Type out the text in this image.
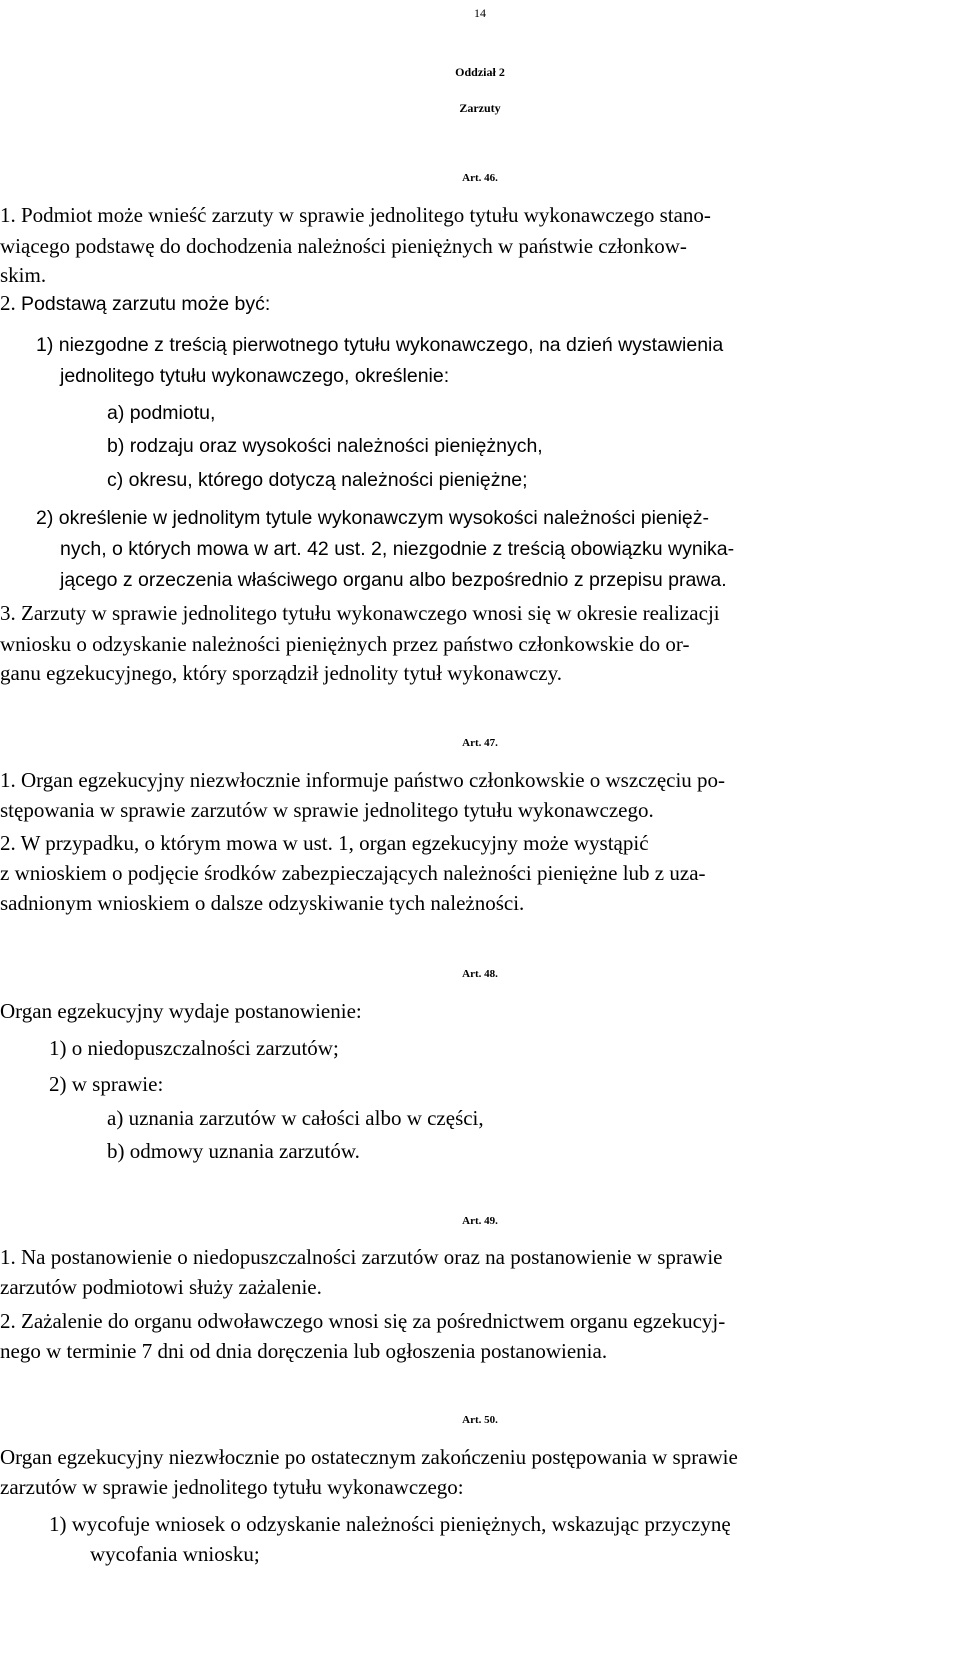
14
Oddział 2
Zarzuty
Art. 46.
1. Podmiot może wnieść zarzuty w sprawie jednolitego tytułu wykonawczego stano-
wiącego podstawę do dochodzenia należności pieniężnych w państwie członkow-
skim.
2. Podstawą zarzutu może być:
1) niezgodne z treścią pierwotnego tytułu wykonawczego, na dzień wystawienia
jednolitego tytułu wykonawczego, określenie:
a) podmiotu,
b) rodzaju oraz wysokości należności pieniężnych,
c) okresu, którego dotyczą należności pieniężne;
2) określenie w jednolitym tytule wykonawczym wysokości należności pienięż-
nych, o których mowa w art. 42 ust. 2, niezgodnie z treścią obowiązku wynika-
jącego z orzeczenia właściwego organu albo bezpośrednio z przepisu prawa.
3. Zarzuty w sprawie jednolitego tytułu wykonawczego wnosi się w okresie realizacji
wniosku o odzyskanie należności pieniężnych przez państwo członkowskie do or-
ganu egzekucyjnego, który sporządził jednolity tytuł wykonawczy.
Art. 47.
1. Organ egzekucyjny niezwłocznie informuje państwo członkowskie o wszczęciu po-
stępowania w sprawie zarzutów w sprawie jednolitego tytułu wykonawczego.
2. W przypadku, o którym mowa w ust. 1, organ egzekucyjny może wystąpić
z wnioskiem o podjęcie środków zabezpieczających należności pieniężne lub z uza-
sadnionym wnioskiem o dalsze odzyskiwanie tych należności.
Art. 48.
Organ egzekucyjny wydaje postanowienie:
1) o niedopuszczalności zarzutów;
2) w sprawie:
a) uznania zarzutów w całości albo w części,
b) odmowy uznania zarzutów.
Art. 49.
1. Na postanowienie o niedopuszczalności zarzutów oraz na postanowienie w sprawie
zarzutów podmiotowi służy zażalenie.
2. Zażalenie do organu odwoławczego wnosi się za pośrednictwem organu egzekucyj-
nego w terminie 7 dni od dnia doręczenia lub ogłoszenia postanowienia.
Art. 50.
Organ egzekucyjny niezwłocznie po ostatecznym zakończeniu postępowania w sprawie
zarzutów w sprawie jednolitego tytułu wykonawczego:
1) wycofuje wniosek o odzyskanie należności pieniężnych, wskazując przyczynę
wycofania wniosku;
